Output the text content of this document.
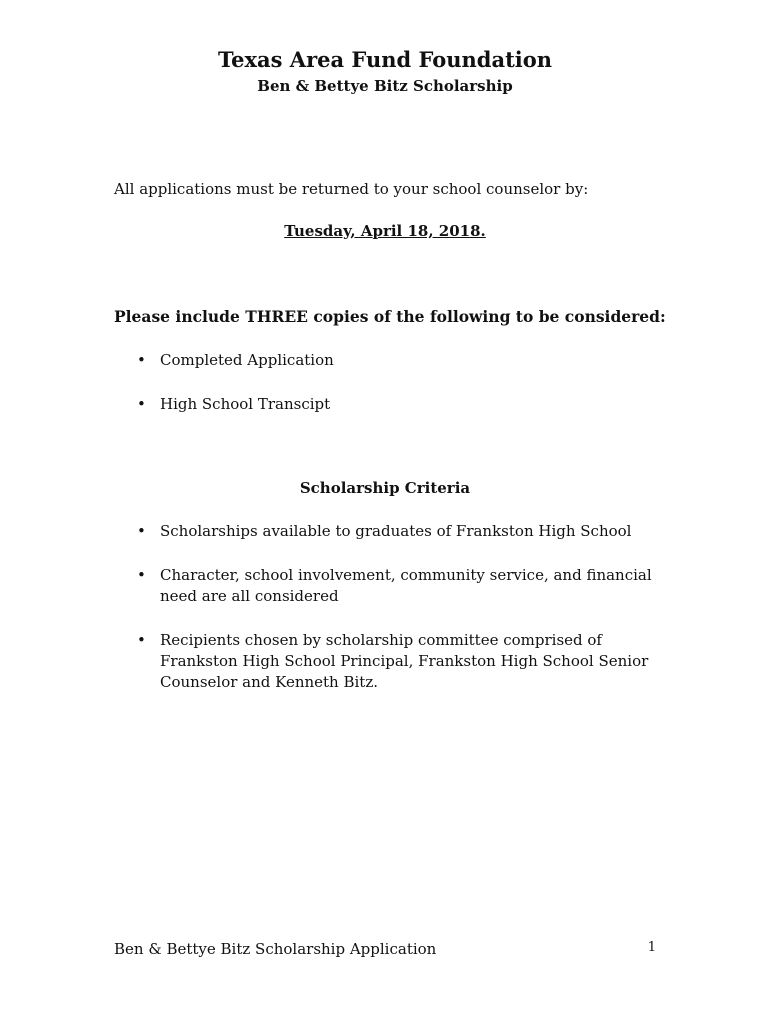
Texas Area Fund Foundation
Ben & Bettye Bitz Scholarship

All applications must be returned to your school counselor by:

Tuesday, April 18, 2018.

Please include THREE copies of the following to be considered:

• Completed Application
• High School Transcipt

Scholarship Criteria

• Scholarships available to graduates of Frankston High School
• Character, school involvement, community service, and financial need are all considered
• Recipients chosen by scholarship committee comprised of Frankston High School Principal, Frankston High School Senior Counselor and Kenneth Bitz.

Ben & Bettye Bitz Scholarship Application	1
